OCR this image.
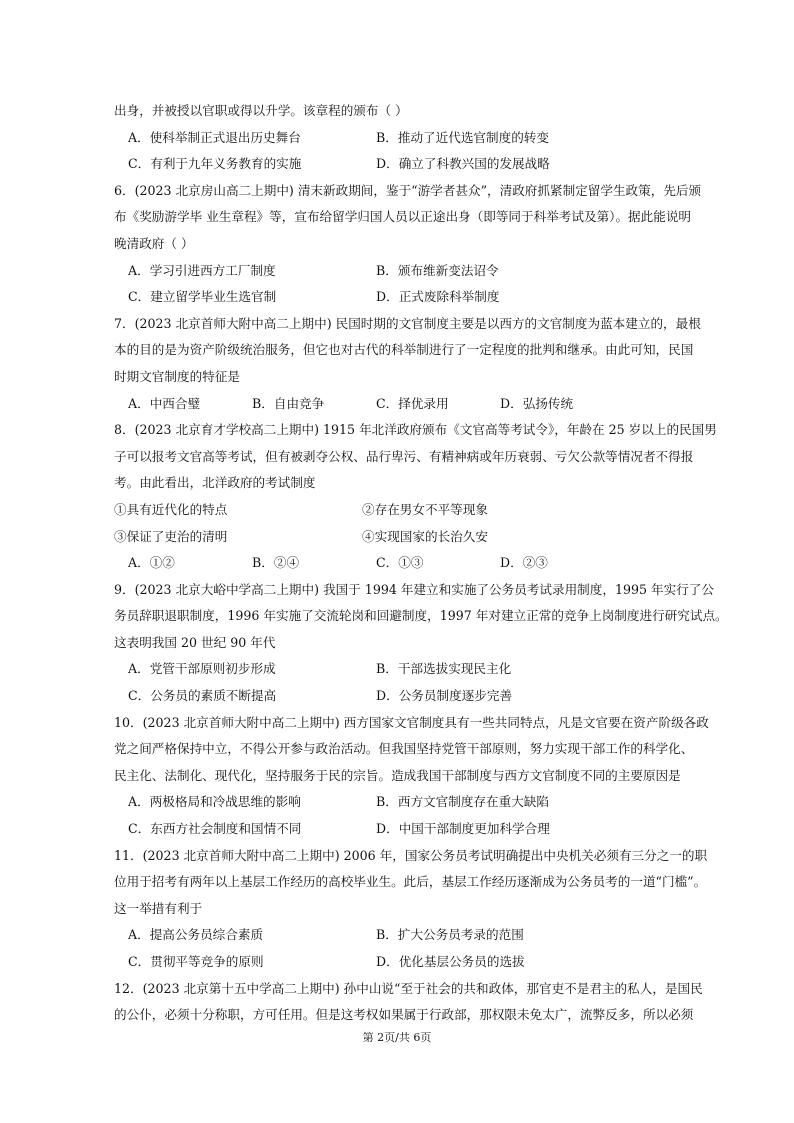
出身，并被授以官职或得以升学。该章程的颁布（ ）
A．使科举制正式退出历史舞台	B．推动了近代选官制度的转变
C．有利于九年义务教育的实施	D．确立了科教兴国的发展战略
6．(2023 北京房山高二上期中) 清末新政期间，鉴于“游学者甚众”，清政府抓紧制定留学生政策，先后颁
布《奖励游学毕 业生章程》等，宣布给留学归国人员以正途出身（即等同于科举考试及第）。据此能说明
晚清政府（ ）
A．学习引进西方工厂制度	B．颁布维新变法诏令
C．建立留学毕业生选官制	D．正式废除科举制度
7．(2023 北京首师大附中高二上期中) 民国时期的文官制度主要是以西方的文官制度为蓝本建立的，最根
本的目的是为资产阶级统治服务，但它也对古代的科举制进行了一定程度的批判和继承。由此可知，民国
时期文官制度的特征是
A．中西合璧	B．自由竞争	C．择优录用	D．弘扬传统
8．(2023 北京育才学校高二上期中) 1915 年北洋政府颁布《文官高等考试令》，年龄在 25 岁以上的民国男
子可以报考文官高等考试，但有被剥夺公权、品行卑污、有精神病或年历衰弱、亏欠公款等情况者不得报
考。由此看出，北洋政府的考试制度
①具有近代化的特点	②存在男女不平等现象
③保证了吏治的清明	④实现国家的长治久安
A．①②	B．②④	C．①③	D．②③
9．(2023 北京大峪中学高二上期中) 我国于 1994 年建立和实施了公务员考试录用制度，1995 年实行了公
务员辞职退职制度，1996 年实施了交流轮岗和回避制度，1997 年对建立正常的竞争上岗制度进行研究试点。
这表明我国 20 世纪 90 年代
A．党管干部原则初步形成	B．干部选拔实现民主化
C．公务员的素质不断提高	D．公务员制度逐步完善
10．(2023 北京首师大附中高二上期中) 西方国家文官制度具有一些共同特点，凡是文官要在资产阶级各政
党之间严格保持中立，不得公开参与政治活动。但我国坚持党管干部原则，努力实现干部工作的科学化、
民主化、法制化、现代化，坚持服务于民的宗旨。造成我国干部制度与西方文官制度不同的主要原因是
A．两极格局和冷战思维的影响	B．西方文官制度存在重大缺陷
C．东西方社会制度和国情不同	D．中国干部制度更加科学合理
11．(2023 北京首师大附中高二上期中) 2006 年，国家公务员考试明确提出中央机关必须有三分之一的职
位用于招考有两年以上基层工作经历的高校毕业生。此后，基层工作经历逐渐成为公务员考的一道“门槛”。
这一举措有利于
A．提高公务员综合素质	B．扩大公务员考录的范围
C．贯彻平等竞争的原则	D．优化基层公务员的选拔
12．(2023 北京第十五中学高二上期中) 孙中山说“至于社会的共和政体，那官吏不是君主的私人，是国民
的公仆，必须十分称职，方可任用。但是这考权如果属于行政部，那权限未免太广，流弊反多，所以必须
第 2页/共 6页
